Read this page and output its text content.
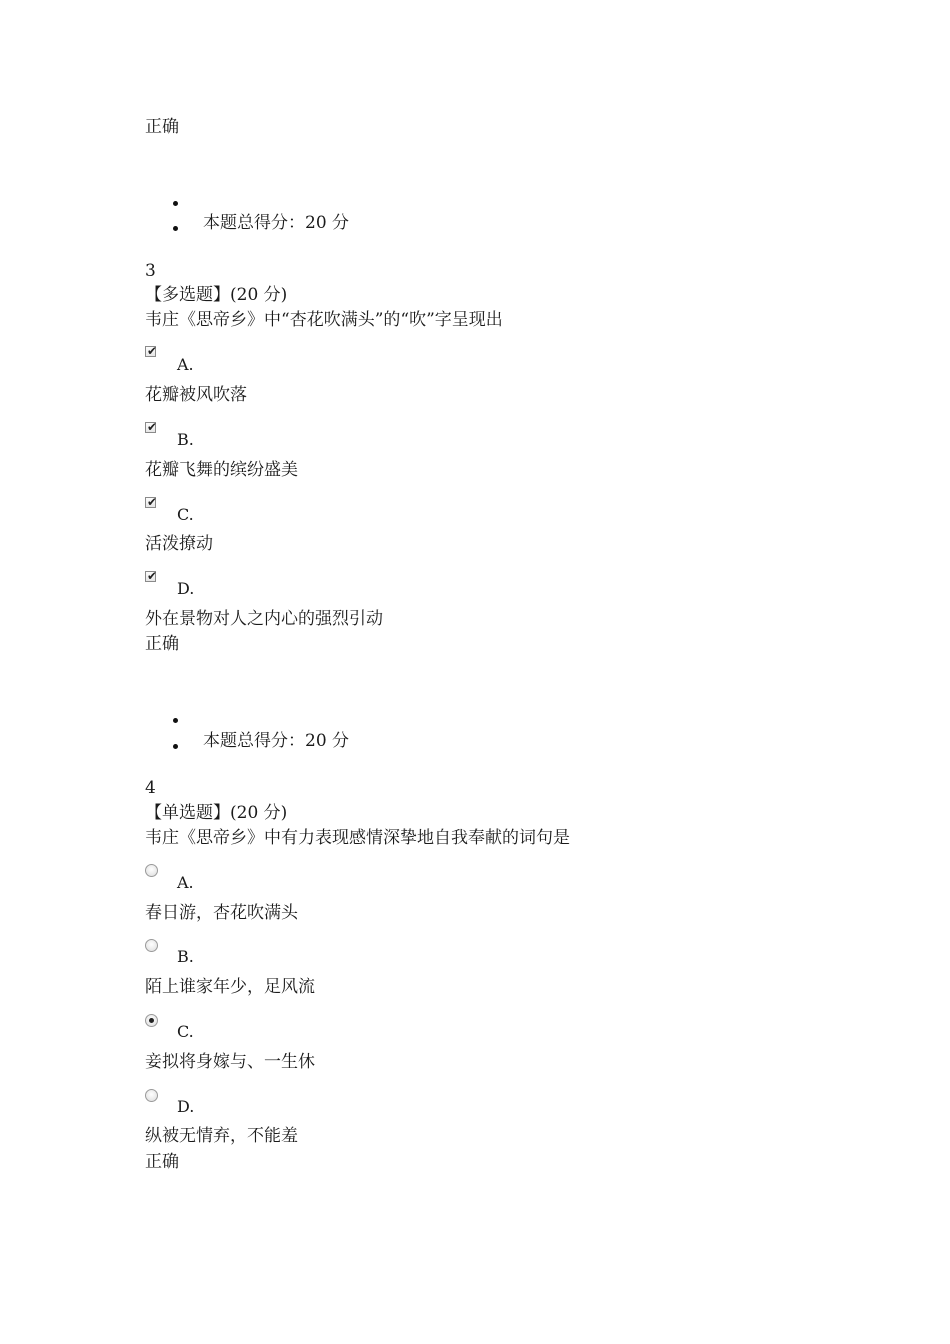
正确
本题总得分：20 分
3
【多选题】(20 分)
韦庄《思帝乡》中“杏花吹满头”的“吹”字呈现出
✔
A.
花瓣被风吹落
✔
B.
花瓣飞舞的缤纷盛美
✔
C.
活泼撩动
✔
D.
外在景物对人之内心的强烈引动
正确
本题总得分：20 分
4
【单选题】(20 分)
韦庄《思帝乡》中有力表现感情深挚地自我奉献的词句是
A.
春日游，杏花吹满头
B.
陌上谁家年少，足风流
C.
妾拟将身嫁与、一生休
D.
纵被无情弃，不能羞
正确
